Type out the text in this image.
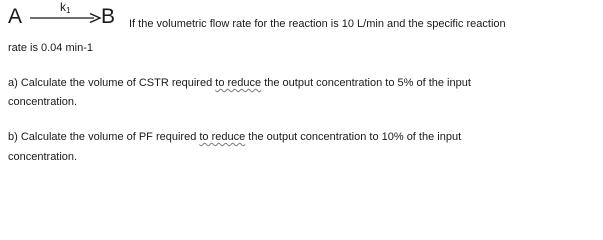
A	$k_1$ B If the volumetric flow rate for the reaction is 10 L/min and the specific reaction
rate is 0.04 min-1
a) Calculate the volume of CSTR required to reduce the output concentration to 5% of the input
concentration.
b) Calculate the volume of PF required to reduce the output concentration to 10% of the input
concentration.
